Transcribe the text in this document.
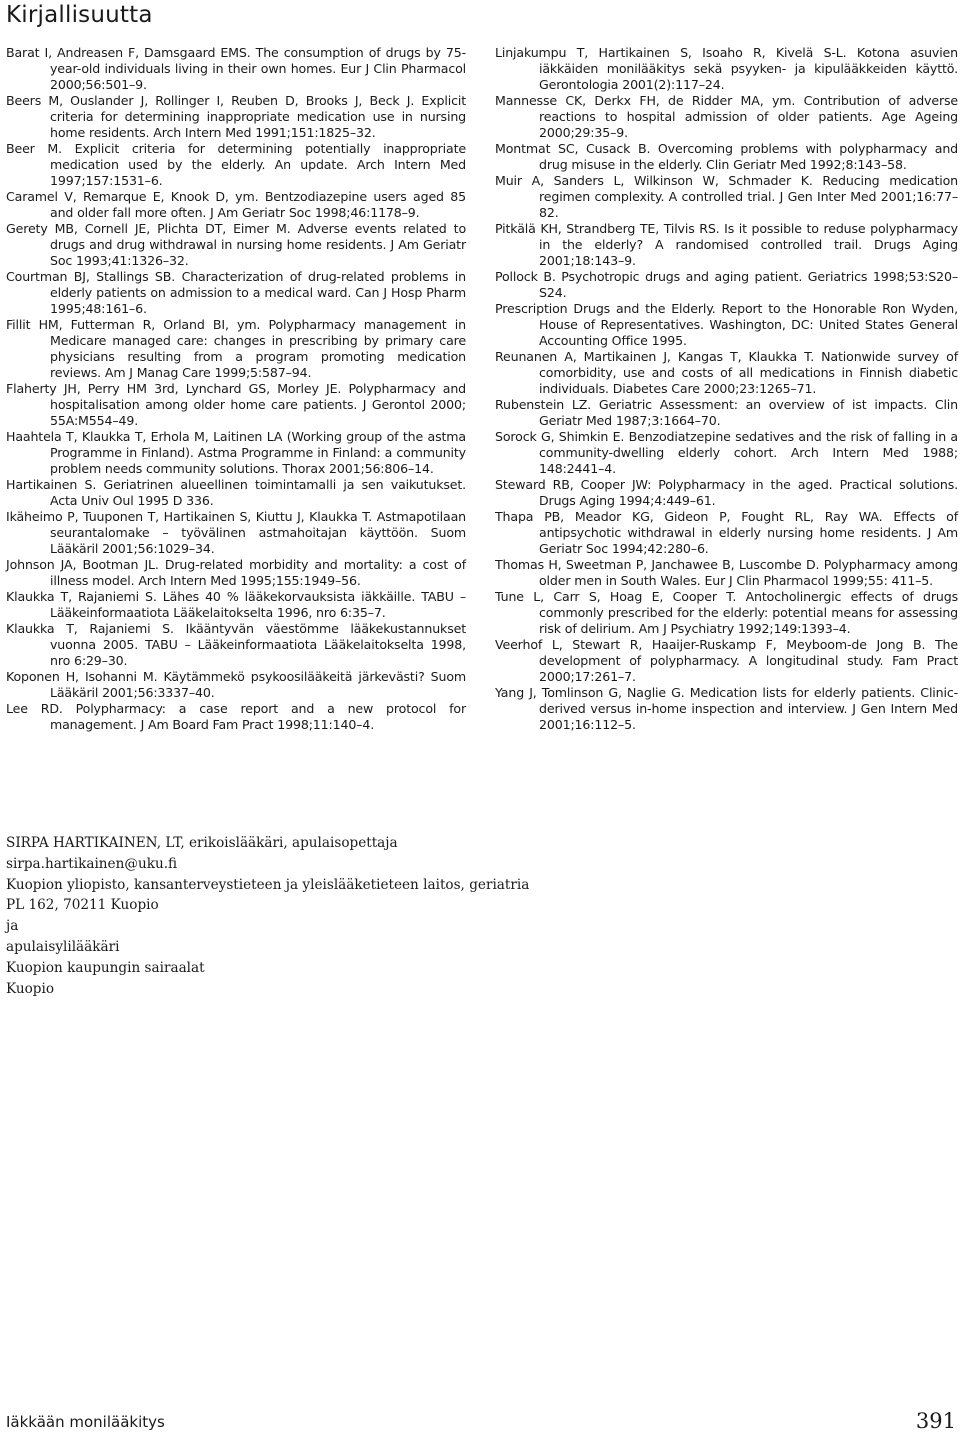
Kirjallisuutta

Barat I, Andreasen F, Damsgaard EMS. The consumption of drugs by 75-year-old individuals living in their own homes. Eur J Clin Pharmacol 2000;56:501–9.

Beers M, Ouslander J, Rollinger I, Reuben D, Brooks J, Beck J. Explicit criteria for determining inappropriate medication use in nursing home residents. Arch Intern Med 1991;151:1825–32.

Beer M. Explicit criteria for determining potentially inappropriate medication used by the elderly. An update. Arch Intern Med 1997;157:1531–6.

Caramel V, Remarque E, Knook D, ym. Bentzodiazepine users aged 85 and older fall more often. J Am Geriatr Soc 1998;46:1178–9.

Gerety MB, Cornell JE, Plichta DT, Eimer M. Adverse events related to drugs and drug withdrawal in nursing home residents. J Am Geriatr Soc 1993;41:1326–32.

Courtman BJ, Stallings SB. Characterization of drug-related problems in elderly patients on admission to a medical ward. Can J Hosp Pharm 1995;48:161–6.

Fillit HM, Futterman R, Orland BI, ym. Polypharmacy management in Medicare managed care: changes in prescribing by primary care physicians resulting from a program promoting medication reviews. Am J Manag Care 1999;5:587–94.

Flaherty JH, Perry HM 3rd, Lynchard GS, Morley JE. Polypharmacy and hospitalisation among older home care patients. J Gerontol 2000; 55A:M554–49.

Haahtela T, Klaukka T, Erhola M, Laitinen LA (Working group of the astma Programme in Finland). Astma Programme in Finland: a community problem needs community solutions. Thorax 2001;56:806–14.

Hartikainen S. Geriatrinen alueellinen toimintamalli ja sen vaikutukset. Acta Univ Oul 1995 D 336.

Ikäheimo P, Tuuponen T, Hartikainen S, Kiuttu J, Klaukka T. Astmapotilaan seurantalomake – työvälinen astmahoitajan käyttöön. Suom Lääkäril 2001;56:1029–34.

Johnson JA, Bootman JL. Drug-related morbidity and mortality: a cost of illness model. Arch Intern Med 1995;155:1949–56.

Klaukka T, Rajaniemi S. Lähes 40 % lääkekorvauksista iäkkäille. TABU – Lääkeinformaatiota Lääkelaitokselta 1996, nro 6:35–7.

Klaukka T, Rajaniemi S. Ikääntyvän väestömme lääkekustannukset vuonna 2005. TABU – Lääkeinformaatiota Lääkelaitokselta 1998, nro 6:29–30.

Koponen H, Isohanni M. Käytämmekö psykoosilääkeitä järkevästi? Suom Lääkäril 2001;56:3337–40.

Lee RD. Polypharmacy: a case report and a new protocol for management. J Am Board Fam Pract 1998;11:140–4.

Linjakumpu T, Hartikainen S, Isoaho R, Kivelä S-L. Kotona asuvien iäkkäiden monilääkitys sekä psyyken- ja kipulääkkeiden käyttö. Gerontologia 2001(2):117–24.

Mannesse CK, Derkx FH, de Ridder MA, ym. Contribution of adverse reactions to hospital admission of older patients. Age Ageing 2000;29:35–9.

Montmat SC, Cusack B. Overcoming problems with polypharmacy and drug misuse in the elderly. Clin Geriatr Med 1992;8:143–58.

Muir A, Sanders L, Wilkinson W, Schmader K. Reducing medication regimen complexity. A controlled trial. J Gen Inter Med 2001;16:77–82.

Pitkälä KH, Strandberg TE, Tilvis RS. Is it possible to reduse polypharmacy in the elderly? A randomised controlled trail. Drugs Aging 2001;18:143–9.

Pollock B. Psychotropic drugs and aging patient. Geriatrics 1998;53:S20–S24.

Prescription Drugs and the Elderly. Report to the Honorable Ron Wyden, House of Representatives. Washington, DC: United States General Accounting Office 1995.

Reunanen A, Martikainen J, Kangas T, Klaukka T. Nationwide survey of comorbidity, use and costs of all medications in Finnish diabetic individuals. Diabetes Care 2000;23:1265–71.

Rubenstein LZ. Geriatric Assessment: an overview of ist impacts. Clin Geriatr Med 1987;3:1664–70.

Sorock G, Shimkin E. Benzodiatzepine sedatives and the risk of falling in a community-dwelling elderly cohort. Arch Intern Med 1988; 148:2441–4.

Steward RB, Cooper JW: Polypharmacy in the aged. Practical solutions. Drugs Aging 1994;4:449–61.

Thapa PB, Meador KG, Gideon P, Fought RL, Ray WA. Effects of antipsychotic withdrawal in elderly nursing home residents. J Am Geriatr Soc 1994;42:280–6.

Thomas H, Sweetman P, Janchawee B, Luscombe D. Polypharmacy among older men in South Wales. Eur J Clin Pharmacol 1999;55: 411–5.

Tune L, Carr S, Hoag E, Cooper T. Antocholinergic effects of drugs commonly prescribed for the elderly: potential means for assessing risk of delirium. Am J Psychiatry 1992;149:1393–4.

Veerhof L, Stewart R, Haaijer-Ruskamp F, Meyboom-de Jong B. The development of polypharmacy. A longitudinal study. Fam Pract 2000;17:261–7.

Yang J, Tomlinson G, Naglie G. Medication lists for elderly patients. Clinic-derived versus in-home inspection and interview. J Gen Intern Med 2001;16:112–5.

SIRPA HARTIKAINEN, LT, erikoislääkäri, apulaisopettaja
sirpa.hartikainen@uku.fi
Kuopion yliopisto, kansanterveystieteen ja yleislääketieteen laitos, geriatria
PL 162, 70211 Kuopio
ja
apulaisylilääkäri
Kuopion kaupungin sairaalat
Kuopio
Iäkkään monilääkitys	391
